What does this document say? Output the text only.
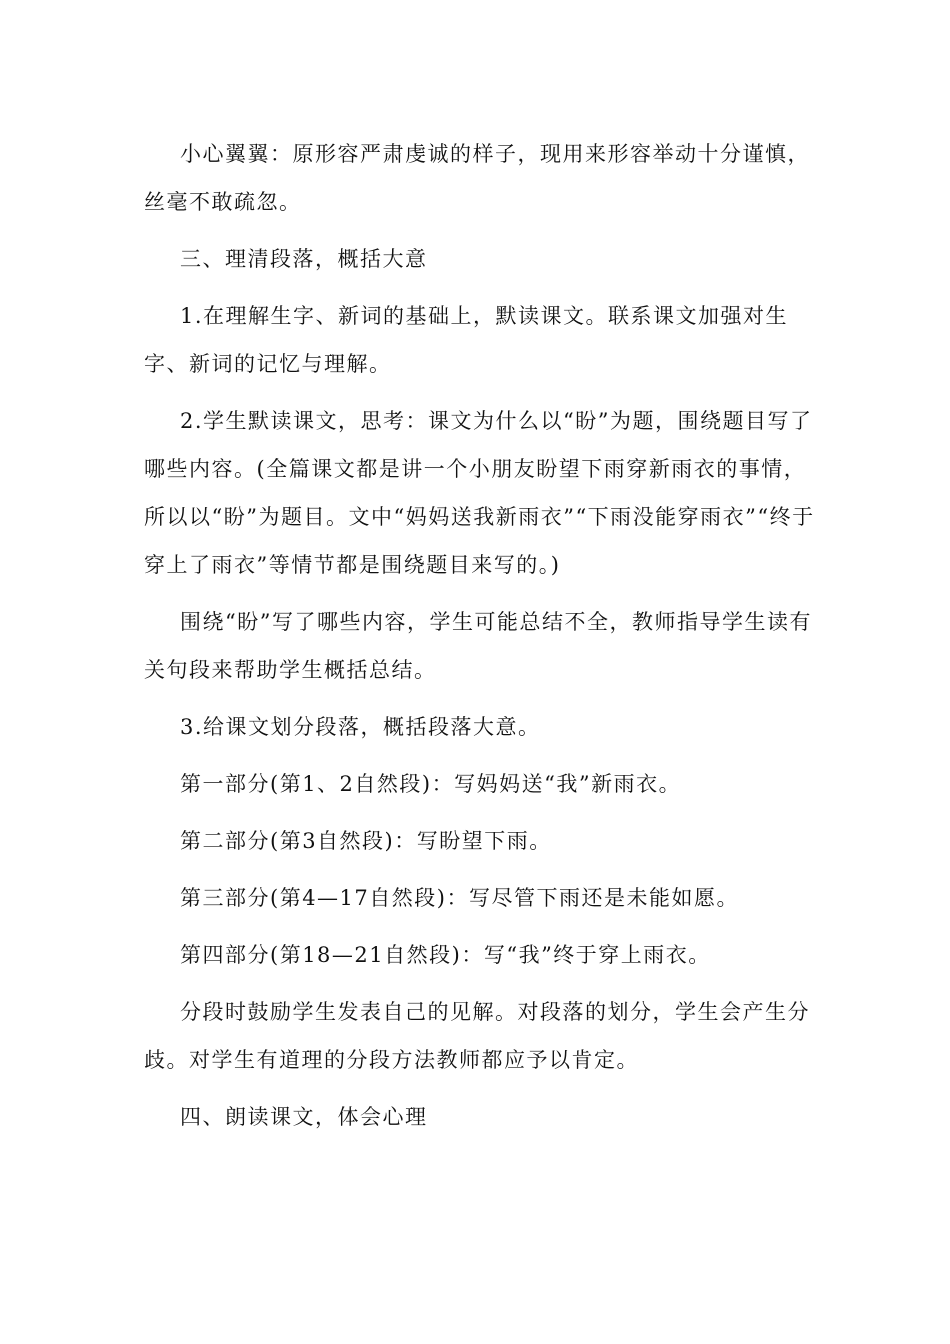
小心翼翼：原形容严肃虔诚的样子，现用来形容举动十分谨慎，丝毫不敢疏忽。

三、理清段落，概括大意

1.在理解生字、新词的基础上，默读课文。联系课文加强对生字、新词的记忆与理解。

2.学生默读课文，思考：课文为什么以“盼”为题，围绕题目写了哪些内容。(全篇课文都是讲一个小朋友盼望下雨穿新雨衣的事情，所以以“盼”为题目。文中“妈妈送我新雨衣”“下雨没能穿雨衣”“终于穿上了雨衣”等情节都是围绕题目来写的。)

围绕“盼”写了哪些内容，学生可能总结不全，教师指导学生读有关句段来帮助学生概括总结。

3.给课文划分段落，概括段落大意。

第一部分(第1、2自然段)：写妈妈送“我”新雨衣。

第二部分(第3自然段)：写盼望下雨。

第三部分(第4—17自然段)：写尽管下雨还是未能如愿。

第四部分(第18—21自然段)：写“我”终于穿上雨衣。

分段时鼓励学生发表自己的见解。对段落的划分，学生会产生分歧。对学生有道理的分段方法教师都应予以肯定。

四、朗读课文，体会心理
